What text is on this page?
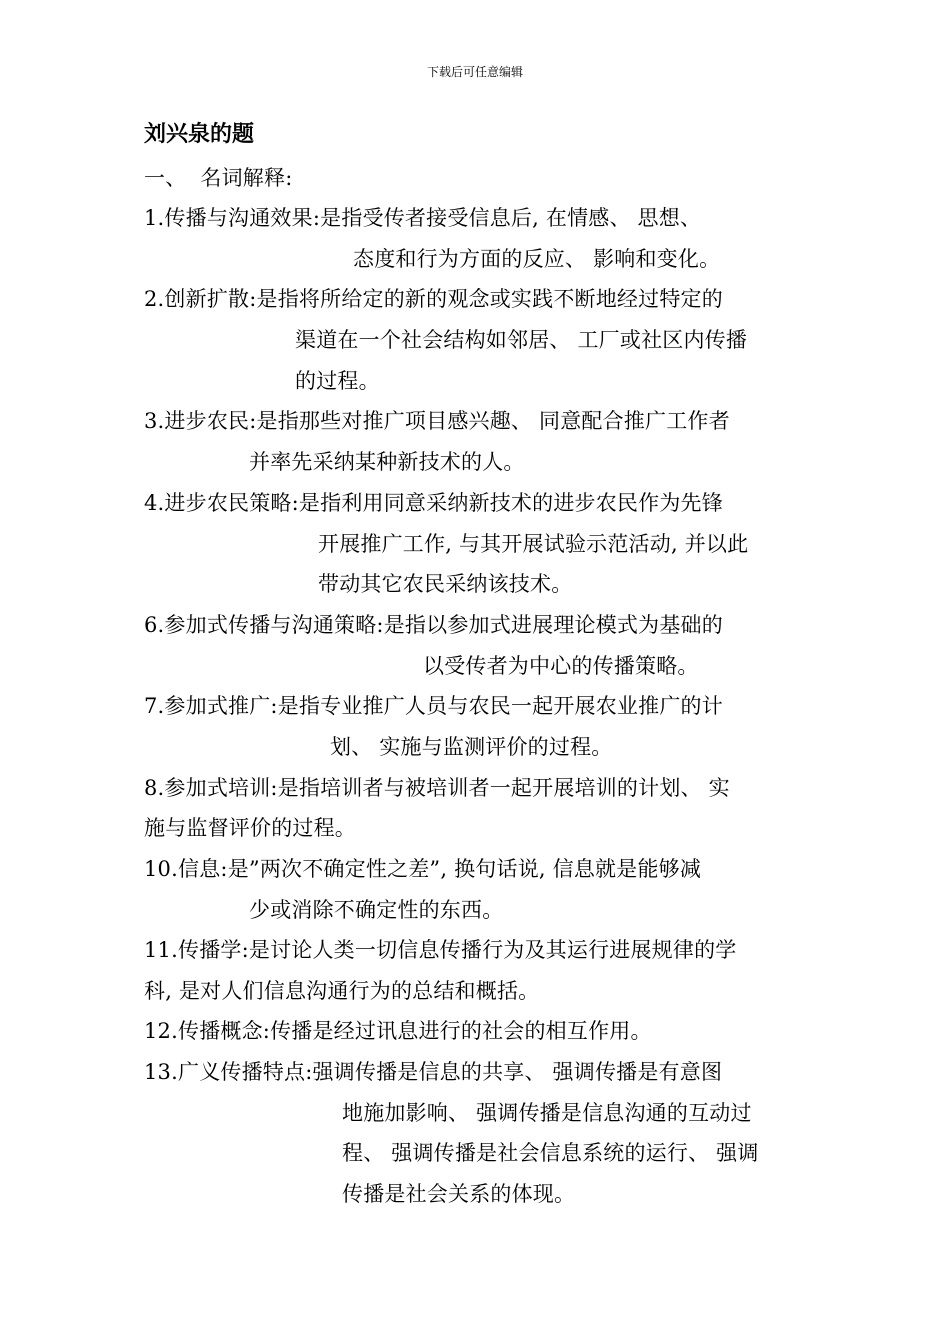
下载后可任意编辑
刘兴泉的题
一、 名词解释:
1.传播与沟通效果:是指受传者接受信息后, 在情感、 思想、
态度和行为方面的反应、 影响和变化。
2.创新扩散:是指将所给定的新的观念或实践不断地经过特定的
渠道在一个社会结构如邻居、 工厂或社区内传播
的过程。
3.进步农民:是指那些对推广项目感兴趣、 同意配合推广工作者
并率先采纳某种新技术的人。
4.进步农民策略:是指利用同意采纳新技术的进步农民作为先锋
开展推广工作, 与其开展试验示范活动, 并以此
带动其它农民采纳该技术。
6.参加式传播与沟通策略:是指以参加式进展理论模式为基础的
以受传者为中心的传播策略。
7.参加式推广:是指专业推广人员与农民一起开展农业推广的计
划、 实施与监测评价的过程。
8.参加式培训:是指培训者与被培训者一起开展培训的计划、 实
施与监督评价的过程。
10.信息:是”两次不确定性之差”, 换句话说, 信息就是能够减
少或消除不确定性的东西。
11.传播学:是讨论人类一切信息传播行为及其运行进展规律的学
科, 是对人们信息沟通行为的总结和概括。
12.传播概念:传播是经过讯息进行的社会的相互作用。
13.广义传播特点:强调传播是信息的共享、 强调传播是有意图
地施加影响、 强调传播是信息沟通的互动过
程、 强调传播是社会信息系统的运行、 强调
传播是社会关系的体现。
